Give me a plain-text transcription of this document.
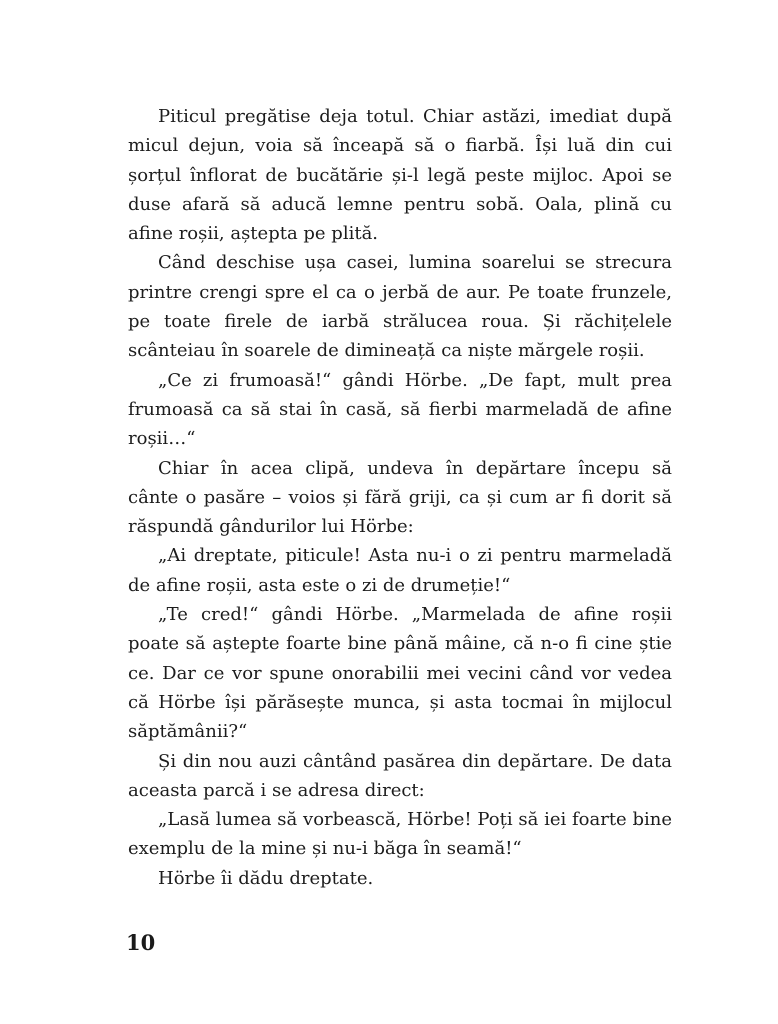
Piticul pregătise deja totul. Chiar astăzi, imediat după micul dejun, voia să înceapă să o fiarbă. Își luă din cui șorțul înflorat de bucătărie și-l legă peste mijloc. Apoi se duse afară să aducă lemne pentru sobă. Oala, plină cu afine roșii, aștepta pe plită.

Când deschise ușa casei, lumina soarelui se strecura printre crengi spre el ca o jerbă de aur. Pe toate frunzele, pe toate firele de iarbă strălucea roua. Și răchițelele scânteiau în soarele de dimineață ca niște mărgele roșii.

„Ce zi frumoasă!“ gândi Hörbe. „De fapt, mult prea frumoasă ca să stai în casă, să fierbi marmeladă de afine roșii…“

Chiar în acea clipă, undeva în depărtare începu să cânte o pasăre – voios și fără griji, ca și cum ar fi dorit să răspundă gândurilor lui Hörbe:

„Ai dreptate, piticule! Asta nu-i o zi pentru marmeladă de afine roșii, asta este o zi de drumeție!“

„Te cred!“ gândi Hörbe. „Marmelada de afine roșii poate să aștepte foarte bine până mâine, că n-o fi cine știe ce. Dar ce vor spune onorabilii mei vecini când vor vedea că Hörbe își părăsește munca, și asta tocmai în mijlocul săptămânii?“

Și din nou auzi cântând pasărea din depărtare. De data aceasta parcă i se adresa direct:

„Lasă lumea să vorbească, Hörbe! Poți să iei foarte bine exemplu de la mine și nu-i băga în seamă!“

Hörbe îi dădu dreptate.

10
